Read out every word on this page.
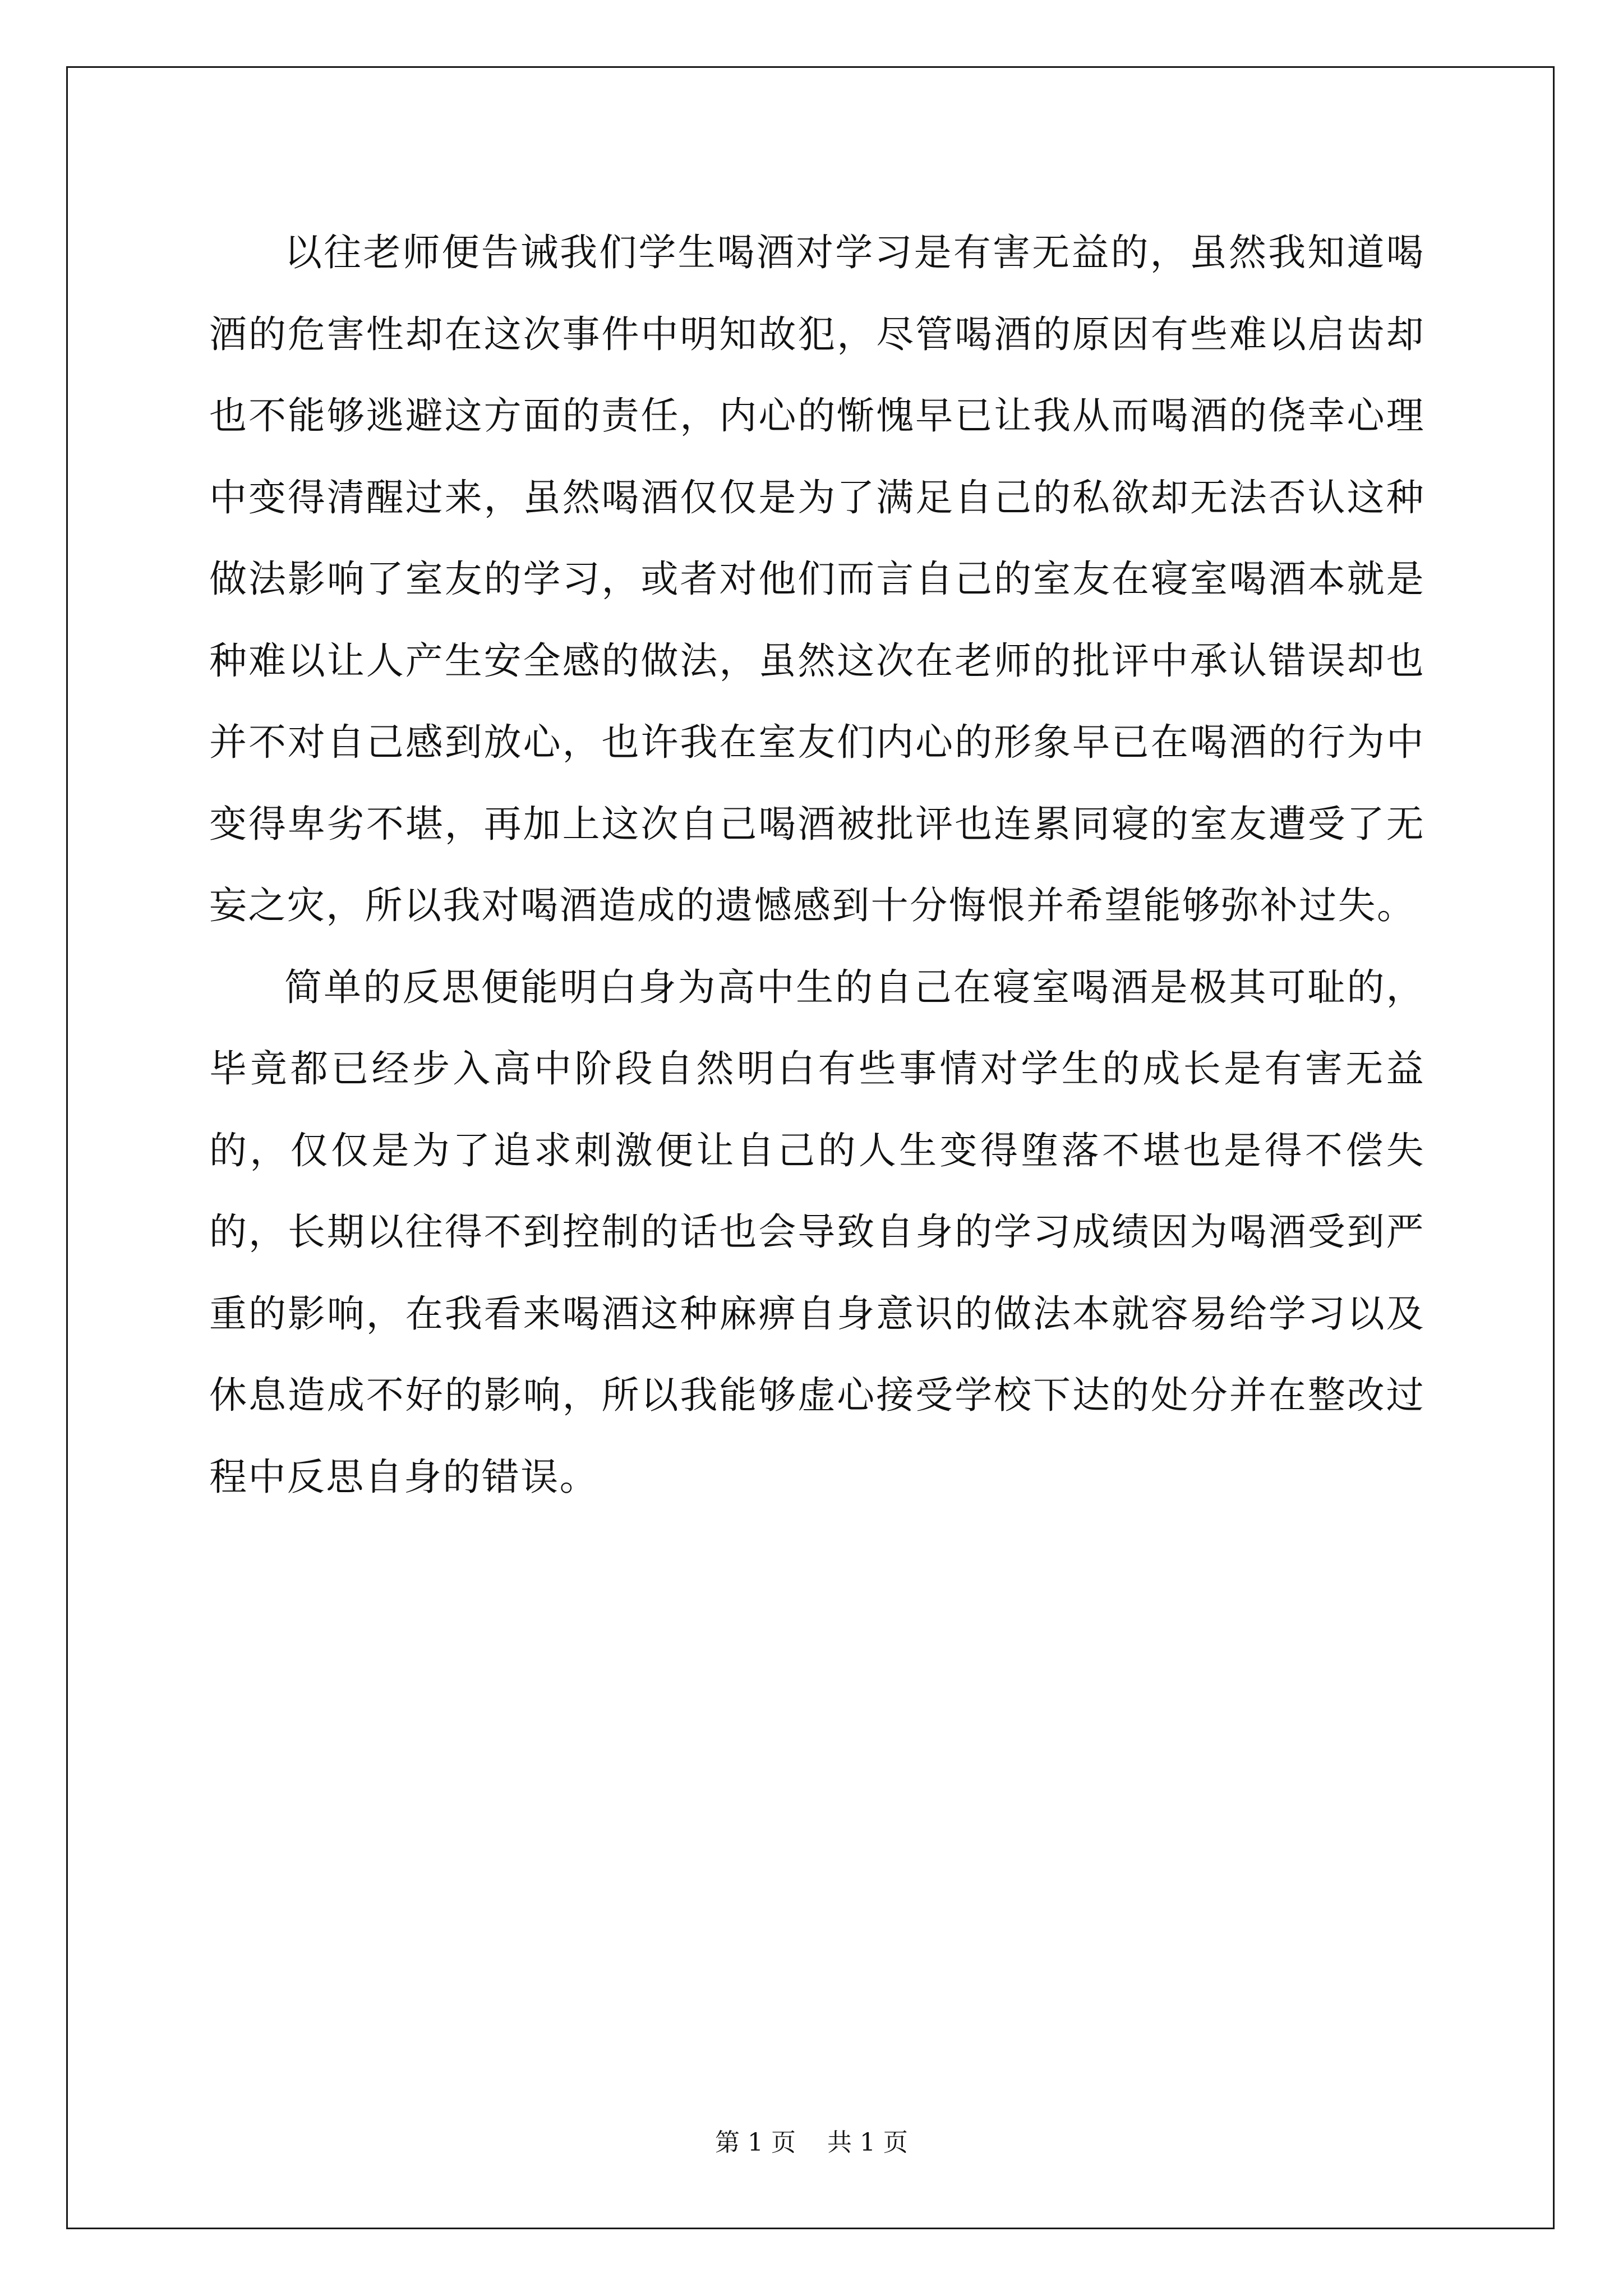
以往老师便告诫我们学生喝酒对学习是有害无益的，虽然我知道喝酒的危害性却在这次事件中明知故犯，尽管喝酒的原因有些难以启齿却也不能够逃避这方面的责任，内心的惭愧早已让我从而喝酒的侥幸心理中变得清醒过来，虽然喝酒仅仅是为了满足自己的私欲却无法否认这种做法影响了室友的学习，或者对他们而言自己的室友在寝室喝酒本就是种难以让人产生安全感的做法，虽然这次在老师的批评中承认错误却也并不对自己感到放心，也许我在室友们内心的形象早已在喝酒的行为中变得卑劣不堪，再加上这次自己喝酒被批评也连累同寝的室友遭受了无妄之灾，所以我对喝酒造成的遗憾感到十分悔恨并希望能够弥补过失。

简单的反思便能明白身为高中生的自己在寝室喝酒是极其可耻的，毕竟都已经步入高中阶段自然明白有些事情对学生的成长是有害无益的，仅仅是为了追求刺激便让自己的人生变得堕落不堪也是得不偿失的，长期以往得不到控制的话也会导致自身的学习成绩因为喝酒受到严重的影响，在我看来喝酒这种麻痹自身意识的做法本就容易给学习以及休息造成不好的影响，所以我能够虚心接受学校下达的处分并在整改过程中反思自身的错误。

第 1 页    共 1 页
